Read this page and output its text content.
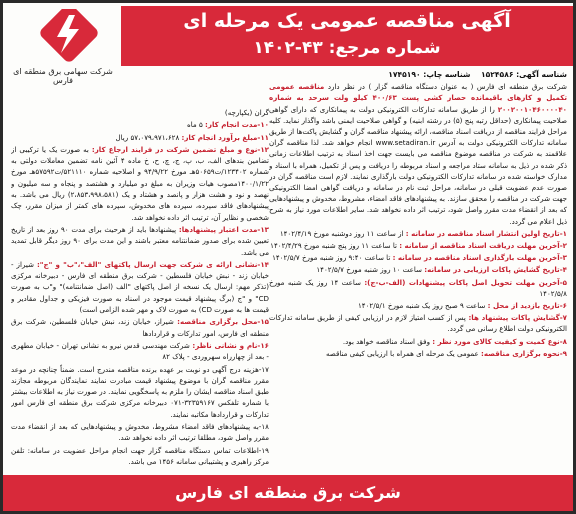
آگهی مناقصه عمومی یک مرحله ای
شماره مرجع: ۴۳-۱۴۰۲
شرکت سهامی برق منطقه ای فارس

شناسه آگهی: ۱۵۲۴۵۸۶    شناسه چاپ: ۱۷۴۵۱۹۰

شرکت برق منطقه ای فارس ( به عنوان دستگاه مناقصه گزار ) در نظر دارد مناقصه عمومی تکمیل و کارهای باقیمانده حصار کشی پست ۴۰۰/۶۳ کیلو ولت سرحد به شماره ۲۰۰۲۰۰۱۰۴۶۰۰۰۰۴۰ را از طریق سامانه تدارکات الکترونیکی دولت به پیمانکاری که دارای گواهی صلاحیت پیمانکاری (حداقل رتبه پنج (۵) در رشته ابنیه) و گواهی صلاحیت ایمنی باشد واگذار نماید. کلیه مراحل فرایند مناقصه از دریافت اسناد مناقصه، ارائه پیشنهاد مناقصه گران و گشایش پاکت‌ها از طریق سامانه تدارکات الکترونیکی دولت به آدرس www.setadiran.ir انجام خواهد شد. لذا مناقصه گران علاقمند به شرکت در مناقصه موضوع مناقصه می بایست جهت اخذ اسناد به ترتیب اطلاعات زمانی ذکر شده در ذیل به سامانه ستاد مراجعه و اسناد مربوطه را دریافت و پس از تکمیل، همراه با اسناد و مدارک خواسته شده در سامانه تدارکات الکترونیکی دولت بارگذاری نمایند. لازم است مناقصه گران در صورت عدم عضویت قبلی در سامانه، مراحل ثبت نام در سامانه و دریافت گواهی امضا الکترونیکی جهت شرکت در مناقصه را محقق سازند. به پیشنهادهای فاقد امضاء، مشروط، مخدوش و پیشنهادهایی که بعد از انقضاء مدت مقرر واصل شود، ترتیب اثر داده نخواهد شد. سایر اطلاعات مورد نیاز به شرح ذیل اعلام می گردد.

۱-تاریخ اولین انتشار اسناد مناقصه در سامانه : از ساعت ۱۱ روز دوشنبه مورخ ۱۴۰۲/۴/۱۹

۲-آخرین مهلت دریافت اسناد مناقصه از سامانه : تا ساعت ۱۱ روز پنج شنبه مورخ ۱۴۰۲/۴/۲۹

۳-آخرین مهلت بارگذاری اسناد مناقصه در سامانه : تا ساعت ۹:۴۰ روز شنبه مورخ ۱۴۰۲/۵/۷

۴-تاریخ گشایش پاکات ارزیابی در سامانه: ساعت ۱۰ روز شنبه مورخ ۱۴۰۲/۵/۷

۵-آخرین مهلت تحویل اصل پاکات پیشنهادات (الف-ب-ج): ساعت ۱۴ روز یک شنبه مورخ ۱۴۰۲/۵/۸

۶-تاریخ بازدید از محل : ساعت ۹ صبح روز یک شنبه مورخ ۱۴۰۲/۵/۱

۷-گشایش پاکات پیشنهاد ها: پس از کسب امتیاز لازم در ارزیابی کیفی از طریق سامانه تدارکات الکترونیکی دولت اطلاع رسانی می گردد.

۸-نوع کمیت و کیفیت کالای مورد نظر : وفق اسناد مناقصه خواهد بود.

۹-نحوه برگزاری مناقصه: عمومی یک مرحله ای همراه با ارزیابی کیفی مناقصه

گران (یکپارچه)

۱۰-مدت انجام کار: ۵ ماه

۱۱-مبلغ برآورد انجام کار: ۵۷،۰۷۹،۹۷۱،۶۲۸ ریال

۱۲-نوع و مبلغ تضمین شرکت در فرایند ارجاع کار: به صورت یک یا ترکیبی از تضامین بندهای الف، ب، پ، ج، چ، ح، خ ماده ۴ آئین نامه تضمین معاملات دولتی به شماره ۱۲۳۴۰۲/ت۵۰۶۵۹هـ مورخ ۹۴/۹/۲۲ و اصلاحیه شماره ۵۲۱۱۱۰/ت۵۷۵۹۲هـ مورخ ۱۴۰۰/۱/۲۲مصوب هیات وزیران به مبلغ دو میلیارد و هشتصد و پنجاه و سه میلیون و نهصد و نود و هشت هزار و پانصد و هشتاد و یک (۲،۸۵۳،۹۹۸،۵۸۱) ریال می باشد. به پیشنهادهای فاقد سپرده، سپرده های مخدوش، سپرده های کمتر از میزان مقرر، چک شخصی و نظایر آن، ترتیب اثر داده نخواهد شد.

۱۳-مدت اعتبار پیشنهادها: پیشنهادها باید از هرحیث برای مدت ۹۰ روز بعد از تاریخ تعیین شده برای صدور ضمانتنامه معتبر باشند و این مدت برای ۹۰ روز دیگر قابل تمدید می باشد.

۱۴-نشانی ارائه ی شرکت جهت ارسال پاکتهای "الف"،"ب" و "ج": شیراز - خیابان زند - نبش خیابان فلسطین - شرکت برق منطقه ای فارس - دبیرخانه مرکزی (تذکر مهم: ارسال یک نسخه از اصل پاکتهای "الف (اصل ضمانتنامه)" و"ب به صورت CD" و "ج (برگ پیشنهاد قیمت موجود در اسناد به صورت فیزیکی و جداول مقادیر و قیمت ها به صورت CD) به صورت لاک و مهر شده الزامی است)

۱۵-محل برگزاری مناقصه: شیراز، خیابان زند، نبش خیابان فلسطین، شرکت برق منطقه ای فارس، امور تدارکات و قراردادها

۱۶-نام و نشانی ناظر: شرکت مهندسی قدس نیرو به نشانی تهران - خیابان مطهری - بعد از چهارراه سهروردی - پلاک ۸۲

۱۷-هزینه درج آگهی دو نوبت بر عهده برنده مناقصه مندرج است. ضمناً چنانچه در موعد مقرر مناقصه گران با موضوع پیشنهاد قیمت مبادرت نمایند نمایندگان مربوطه مجازند طبق اسناد مناقصه ایشان را ملزم به پاسخگویی نمایند. در صورت نیاز به اطلاعات بیشتر با شماره تلفکس ۳۲۳۵۹۱۶۷-۰۷۱ دبیرخانه مرکزی شرکت برق منطقه ای فارس امور تدارکات و قراردادها مکاتبه نمایند.

۱۸-به پیشنهادهای فاقد امضاء مشروط، مخدوش و پیشنهادهایی که بعد از انقضاء مدت مقرر واصل شود، مطلقا ترتیب اثر داده نخواهد شد.

۱۹-اطلاعات تماس دستگاه مناقصه گزار جهت انجام مراحل عضویت در سامانه: تلفن مرکز راهبری و پشتیبانی سامانه ۱۴۵۶ می باشد.

شرکت برق منطقه ای فارس
